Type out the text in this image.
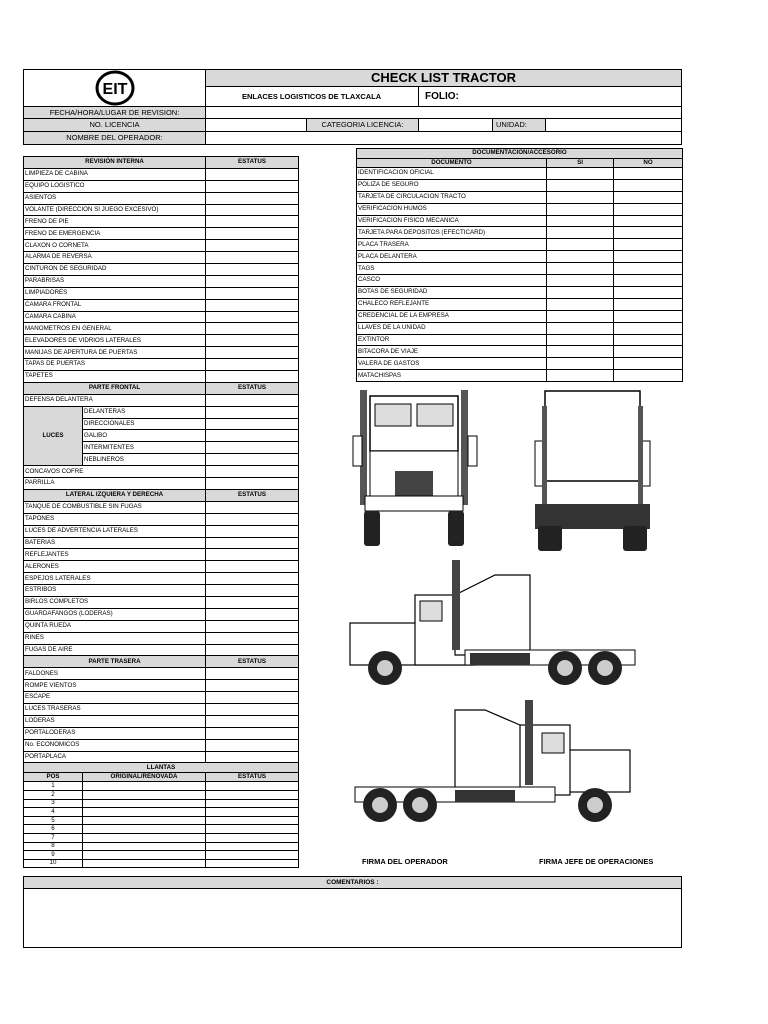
EIT
CHECK LIST TRACTOR
ENLACES LOGISTICOS DE TLAXCALA	FOLIO:
FECHA/HORA/LUGAR DE REVISION:
NO. LICENCIA	CATEGORIA LICENCIA:	UNIDAD:
NOMBRE DEL OPERADOR:
REVISIÓN INTERNA		ESTATUS
LIMPIEZA DE CABINA		
EQUIPO LOGISTICO		
ASIENTOS		
VOLANTE (DIRECCION SI JUEGO EXCESIVO)		
FRENO DE PIE		
FRENO DE EMERGENCIA		
CLAXON O CORNETA		
ALARMA DE REVERSA		
CINTURON DE SEGURIDAD		
PARABRISAS		
LIMPIADORES		
CAMARA FRONTAL		
CAMARA CABINA		
MANOMETROS EN GENERAL		
ELEVADORES DE VIDRIOS LATERALES		
MANIJAS DE APERTURA DE PUERTAS		
TAPAS DE PUERTAS		
TAPETES		
PARTE FRONTAL		ESTATUS
DEFENSA DELANTERA		
LUCES	DELANTERAS	
	DIRECCIONALES	
	GALIBO	
	INTERMITENTES	
	NEBLINEROS	
CONCAVOS COFRE		
PARRILLA		
LATERAL IZQUIERA Y DERECHA		ESTATUS
TANQUE DE COMBUSTIBLE SIN FUGAS		
TAPONES		
LUCES DE ADVERTENCIA LATERALES		
BATERIAS		
REFLEJANTES		
ALERONES		
ESPEJOS LATERALES		
ESTRIBOS		
BIRLOS COMPLETOS		
GUARDAFANGOS (LODERAS)		
QUINTA RUEDA		
RINES		
FUGAS DE AIRE		
PARTE TRASERA		ESTATUS
FALDONES		
ROMPE VIENTOS		
ESCAPE		
LUCES TRASERAS		
LODERAS		
PORTALODERAS		
No. ECONOMICOS		
PORTAPLACA		
LLANTAS		
POS	ORIGINAL/RENOVADA	ESTATUS
1		
2		
3		
4		
5		
6		
7		
8		
9		
10		
DOCUMENTACION/ACCESORIO		
DOCUMENTO	SI	NO
IDENTIFICACION OFICIAL		
POLIZA DE SEGURO		
TARJETA DE CIRCULACION TRACTO		
VERIFICACION HUMOS		
VERIFICACION FISICO MECANICA		
TARJETA PARA DEPOSITOS (EFECTICARD)		
PLACA TRASERA		
PLACA DELANTERA		
TAGS		
CASCO		
BOTAS DE SEGURIDAD		
CHALECO REFLEJANTE		
CREDENCIAL DE LA EMPRESA		
LLAVES DE LA UNIDAD		
EXTINTOR		
BITACORA DE VIAJE		
VALERA DE GASTOS		
MATACHISPAS		
FIRMA DEL OPERADOR	FIRMA JEFE DE OPERACIONES
COMENTARIOS :
